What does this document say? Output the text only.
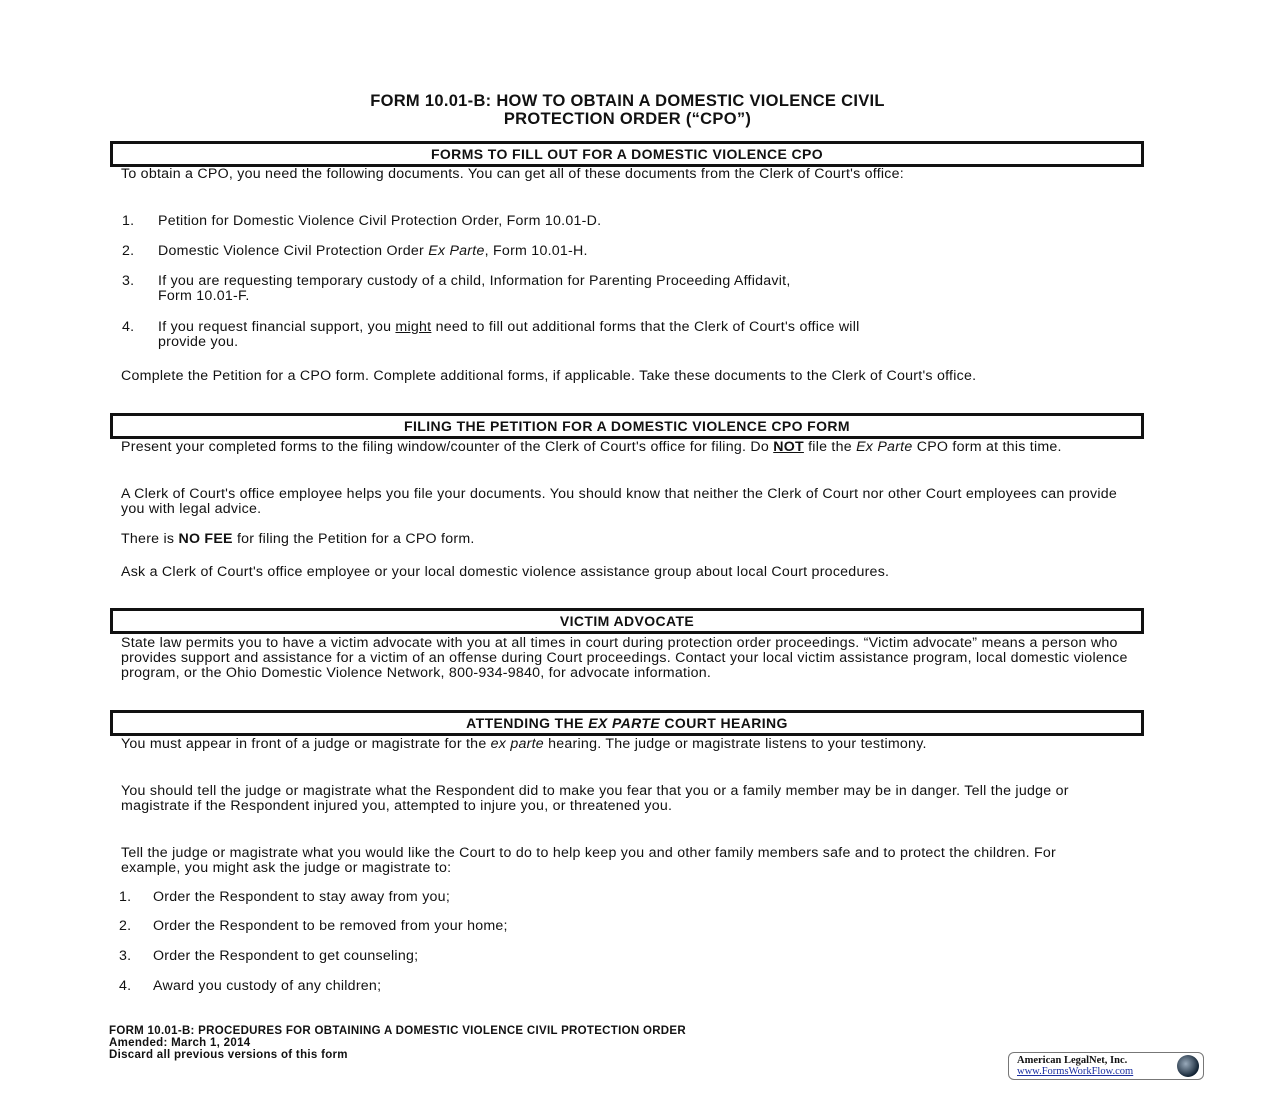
FORM 10.01-B: HOW TO OBTAIN A DOMESTIC VIOLENCE CIVIL
PROTECTION ORDER (“CPO”)
FORMS TO FILL OUT FOR A DOMESTIC VIOLENCE CPO
To obtain a CPO, you need the following documents. You can get all of these documents from the Clerk of Court's office:
1. Petition for Domestic Violence Civil Protection Order, Form 10.01-D.
2. Domestic Violence Civil Protection Order Ex Parte, Form 10.01-H.
3. If you are requesting temporary custody of a child, Information for Parenting Proceeding Affidavit,
Form 10.01-F.
4. If you request financial support, you might need to fill out additional forms that the Clerk of Court's office will
provide you.
Complete the Petition for a CPO form. Complete additional forms, if applicable. Take these documents to the Clerk of Court's office.
FILING THE PETITION FOR A DOMESTIC VIOLENCE CPO FORM
Present your completed forms to the filing window/counter of the Clerk of Court's office for filing. Do NOT file the Ex Parte CPO form at this time.
A Clerk of Court's office employee helps you file your documents. You should know that neither the Clerk of Court nor other Court employees can provide you with legal advice.
There is NO FEE for filing the Petition for a CPO form.
Ask a Clerk of Court's office employee or your local domestic violence assistance group about local Court procedures.
VICTIM ADVOCATE
State law permits you to have a victim advocate with you at all times in court during protection order proceedings. “Victim advocate” means a person who provides support and assistance for a victim of an offense during Court proceedings. Contact your local victim assistance program, local domestic violence program, or the Ohio Domestic Violence Network, 800-934-9840, for advocate information.
ATTENDING THE EX PARTE COURT HEARING
You must appear in front of a judge or magistrate for the ex parte hearing. The judge or magistrate listens to your testimony.
You should tell the judge or magistrate what the Respondent did to make you fear that you or a family member may be in danger. Tell the judge or magistrate if the Respondent injured you, attempted to injure you, or threatened you.
Tell the judge or magistrate what you would like the Court to do to help keep you and other family members safe and to protect the children. For example, you might ask the judge or magistrate to:
1. Order the Respondent to stay away from you;
2. Order the Respondent to be removed from your home;
3. Order the Respondent to get counseling;
4. Award you custody of any children;
FORM 10.01-B: PROCEDURES FOR OBTAINING A DOMESTIC VIOLENCE CIVIL PROTECTION ORDER
Amended: March 1, 2014
Discard all previous versions of this form	American LegalNet, Inc.
www.FormsWorkFlow.com
